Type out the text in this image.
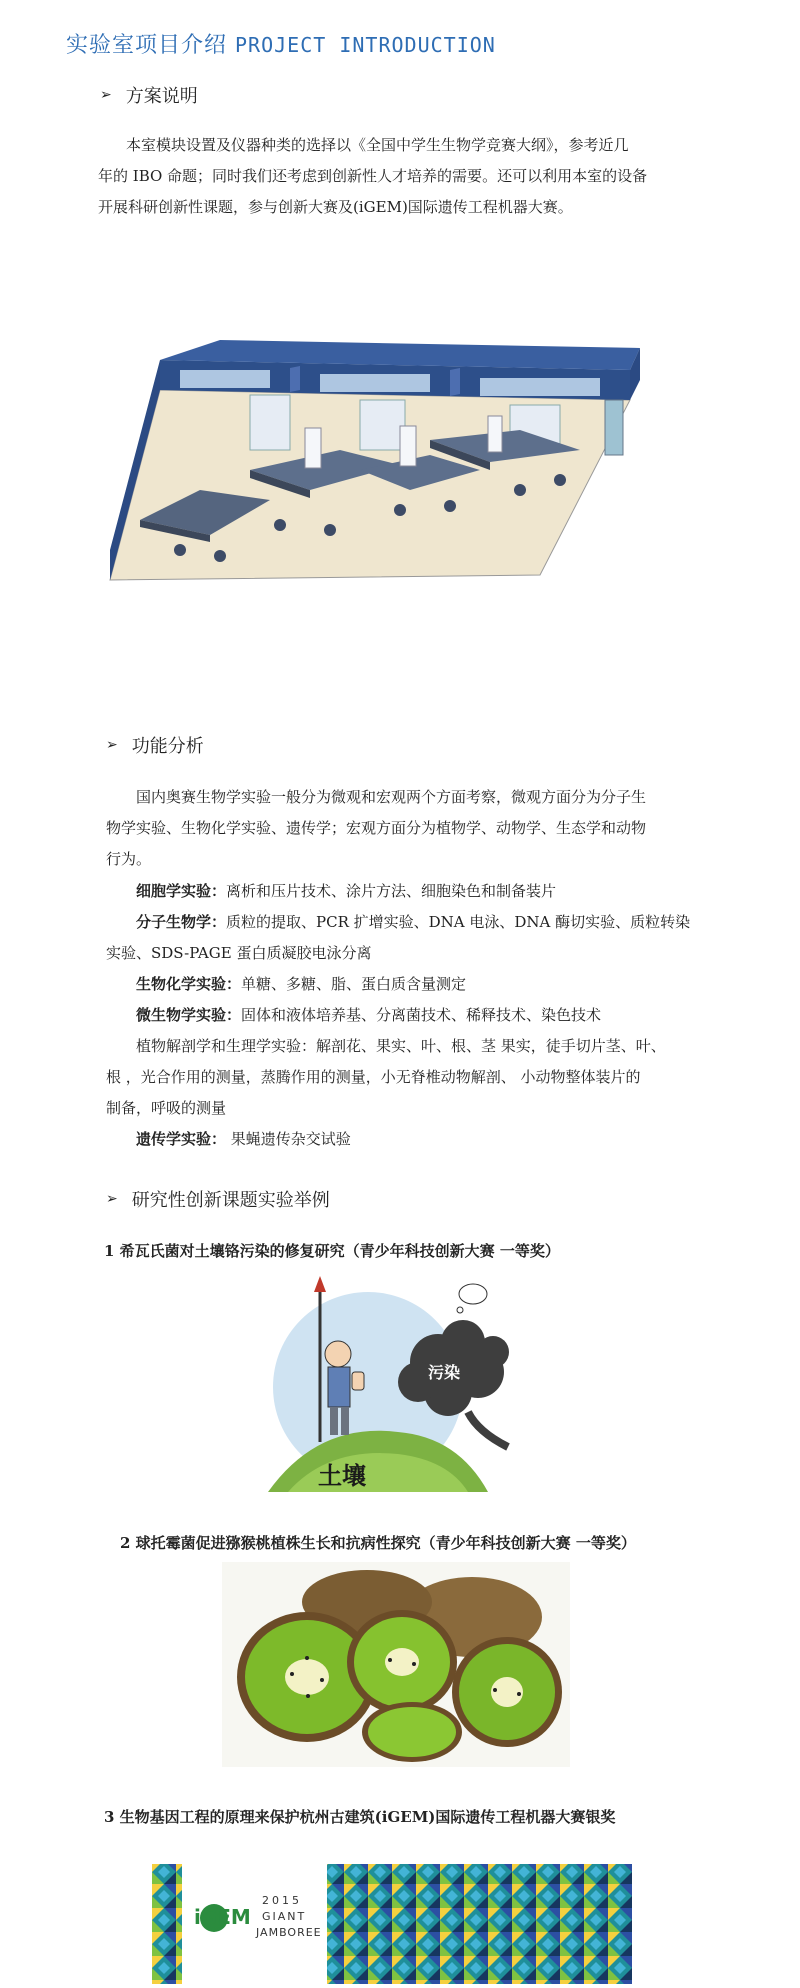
实验室项目介绍 PROJECT INTRODUCTION
➢ 方案说明
本室模块设置及仪器种类的选择以《全国中学生生物学竞赛大纲》，参考近几
年的 IBO 命题；同时我们还考虑到创新性人才培养的需要。还可以利用本室的设备
开展科研创新性课题，参与创新大赛及(iGEM)国际遗传工程机器大赛。
➢ 功能分析
国内奥赛生物学实验一般分为微观和宏观两个方面考察，微观方面分为分子生
物学实验、生物化学实验、遗传学；宏观方面分为植物学、动物学、生态学和动物
行为。
细胞学实验：离析和压片技术、涂片方法、细胞染色和制备装片
分子生物学：质粒的提取、PCR 扩增实验、DNA 电泳、DNA 酶切实验、质粒转染
实验、SDS-PAGE 蛋白质凝胶电泳分离
生物化学实验：单糖、多糖、脂、蛋白质含量测定
微生物学实验：固体和液体培养基、分离菌技术、稀释技术、染色技术
植物解剖学和生理学实验：解剖花、果实、叶、根、茎 果实，徒手切片茎、叶、
根 ，光合作用的测量，蒸腾作用的测量，小无脊椎动物解剖、 小动物整体装片的
制备，呼吸的测量
遗传学实验： 果蝇遗传杂交试验
➢ 研究性创新课题实验举例
1 希瓦氏菌对土壤铬污染的修复研究（青少年科技创新大赛 一等奖）
土壤
污染
2 球托霉菌促进猕猴桃植株生长和抗病性探究（青少年科技创新大赛 一等奖）
3 生物基因工程的原理来保护杭州古建筑(iGEM)国际遗传工程机器大赛银奖
iGEM
2015
GIANT
JAMBOREE
